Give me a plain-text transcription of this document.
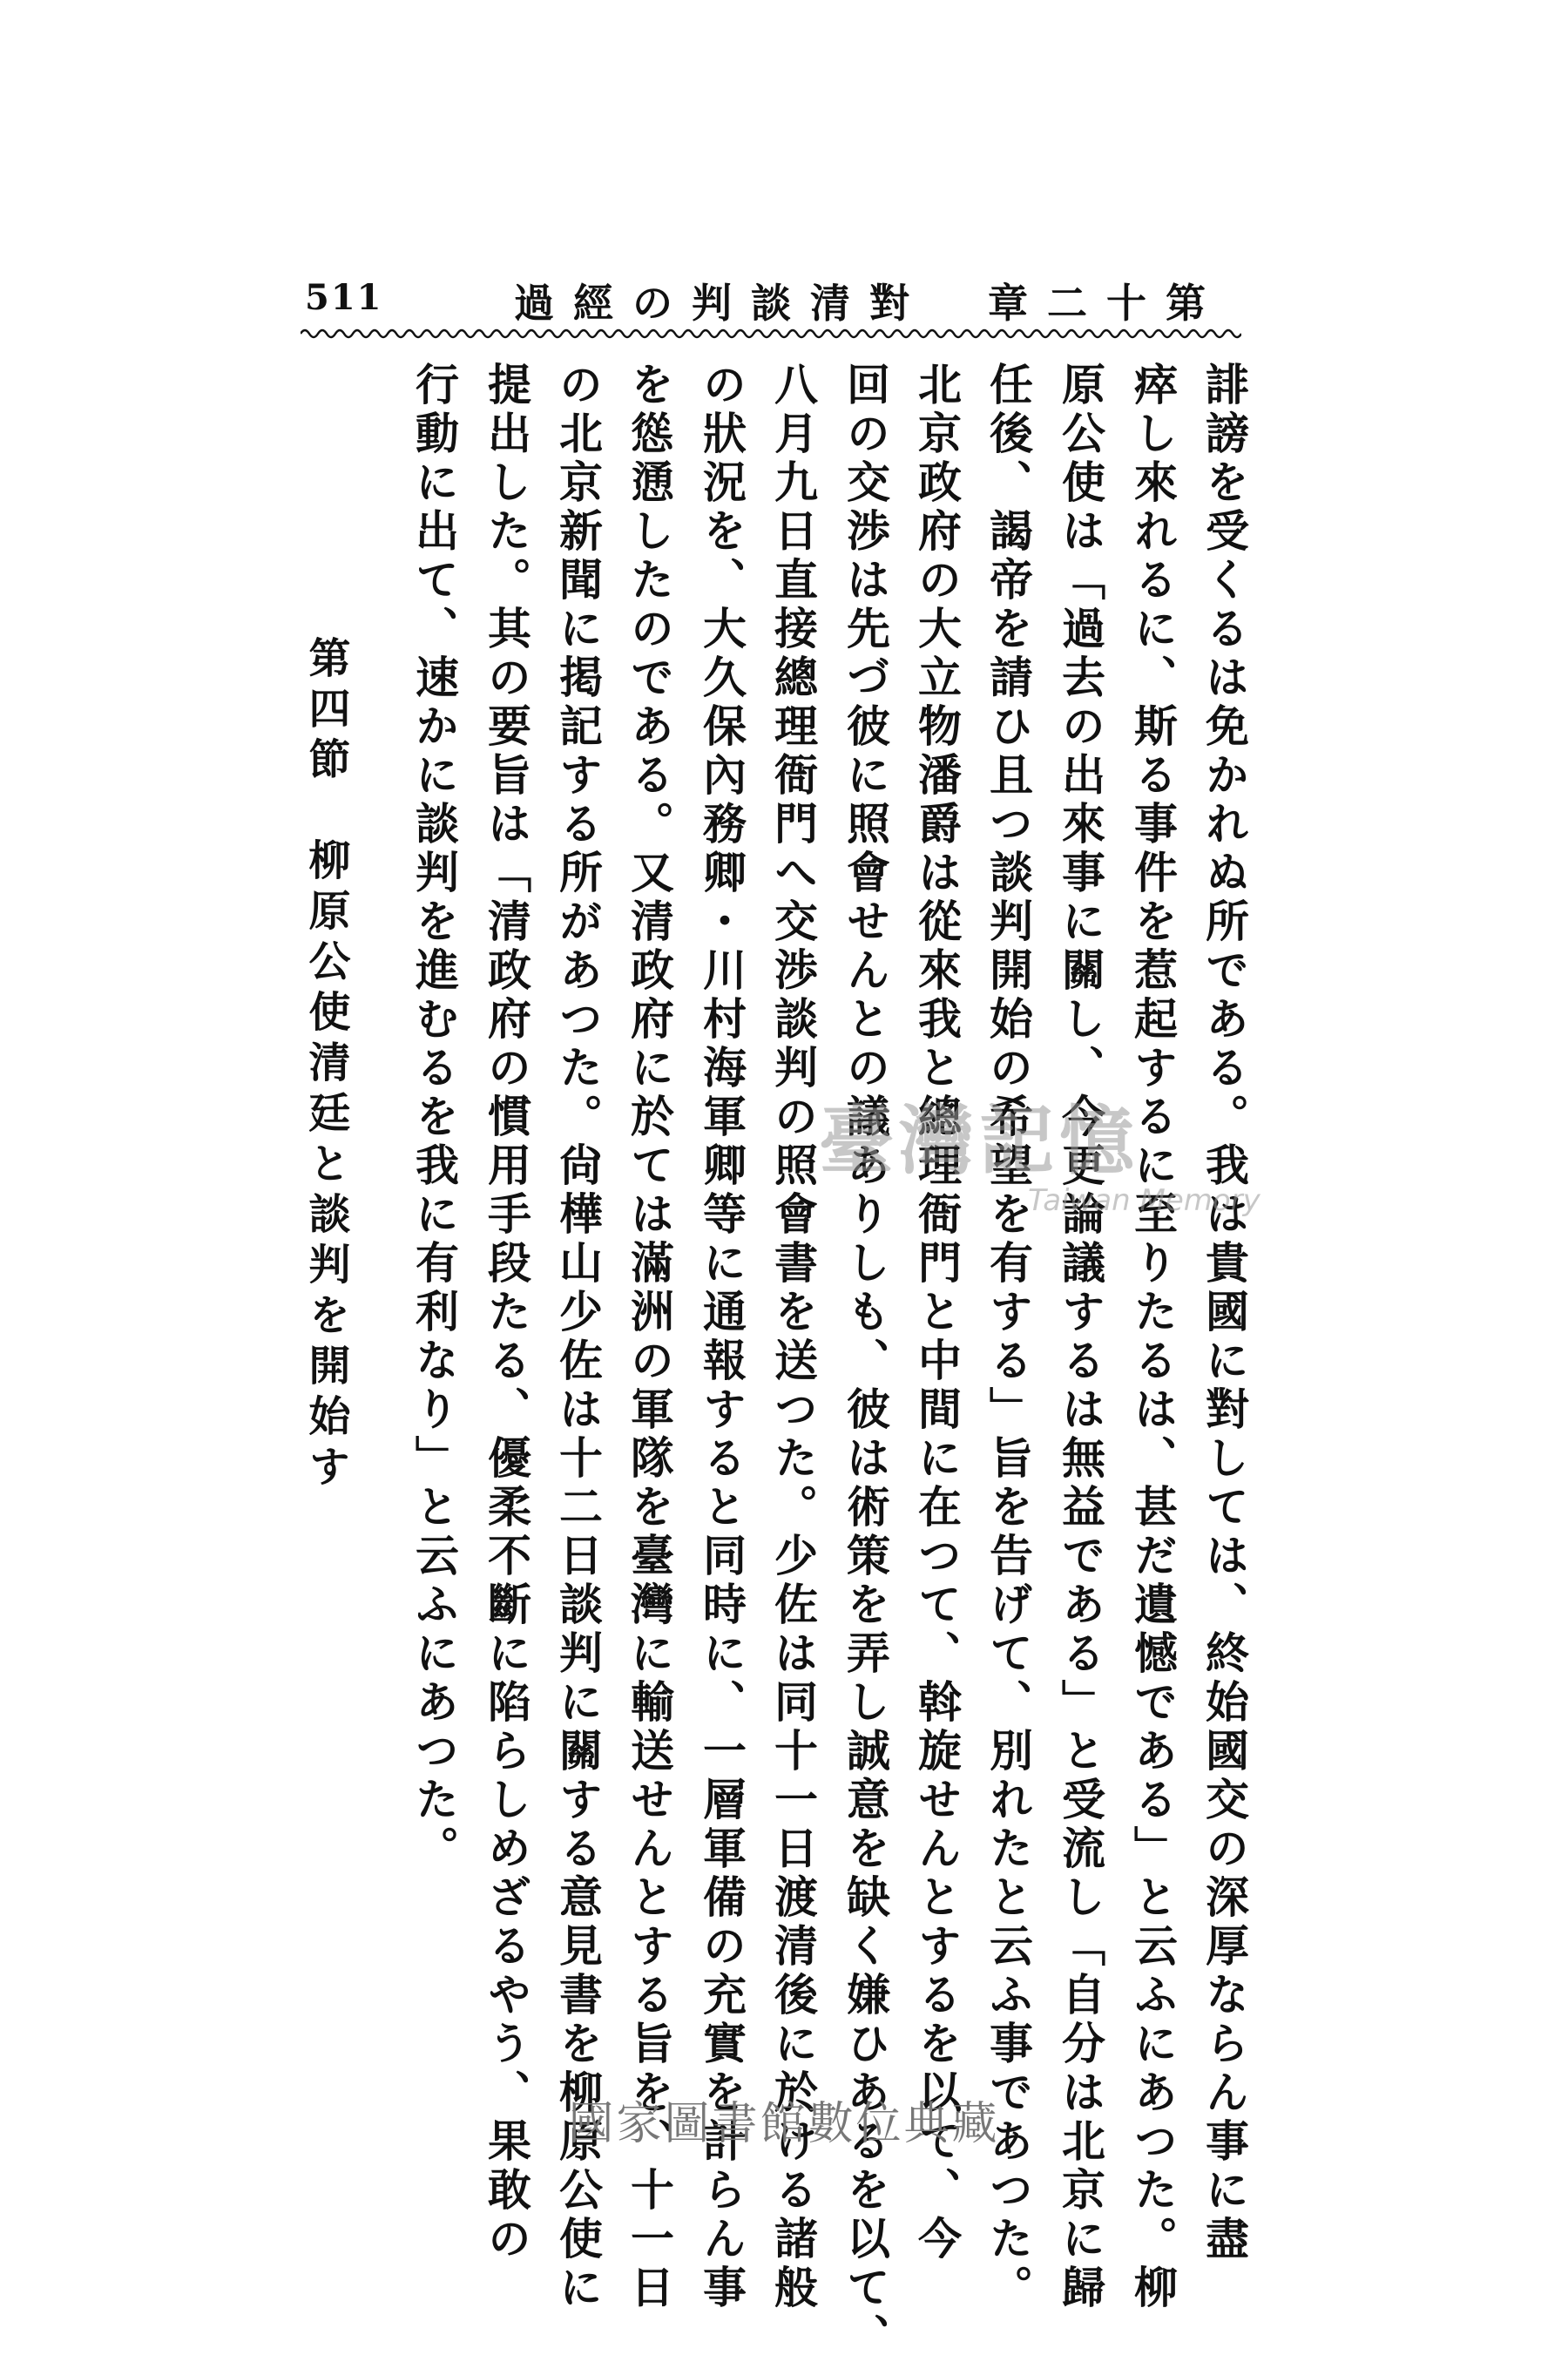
511	第十二章　對清談判の經過
誹謗を受くるは免かれぬ所である。我は貴國に對しては、終始國交の深厚ならん事に盡
瘁し來れるに、斯る事件を惹起するに至りたるは、甚だ遺憾である」と云ふにあつた。柳
原公使は「過去の出來事に關し、今更論議するは無益である」と受流し「自分は北京に歸
任後、謁帝を請ひ且つ談判開始の希望を有する」旨を告げて、別れたと云ふ事であつた。
北京政府の大立物潘爵は從來我と總理衙門と中間に在つて、斡旋せんとするを以て、今
回の交渉は先づ彼に照會せんとの議ありしも、彼は術策を弄し誠意を缺く嫌ひあるを以て、
八月九日直接總理衙門へ交渉談判の照會書を送つた。少佐は同十一日渡清後に於ける諸般
の狀況を、大久保內務卿・川村海軍卿等に通報すると同時に、一層軍備の充實を計らん事
を慫慂したのである。又清政府に於ては滿洲の軍隊を臺灣に輸送せんとする旨を、十一日
の北京新聞に掲記する所があつた。尙樺山少佐は十二日談判に關する意見書を柳原公使に
提出した。其の要旨は「清政府の慣用手段たる、優柔不斷に陷らしめざるやう、果敢の
行動に出て、速かに談判を進むるを我に有利なり」と云ふにあつた。
第四節　柳原公使清廷と談判を開始す	臺灣記憶
Taiwan Memory
國家圖書館數位典藏
